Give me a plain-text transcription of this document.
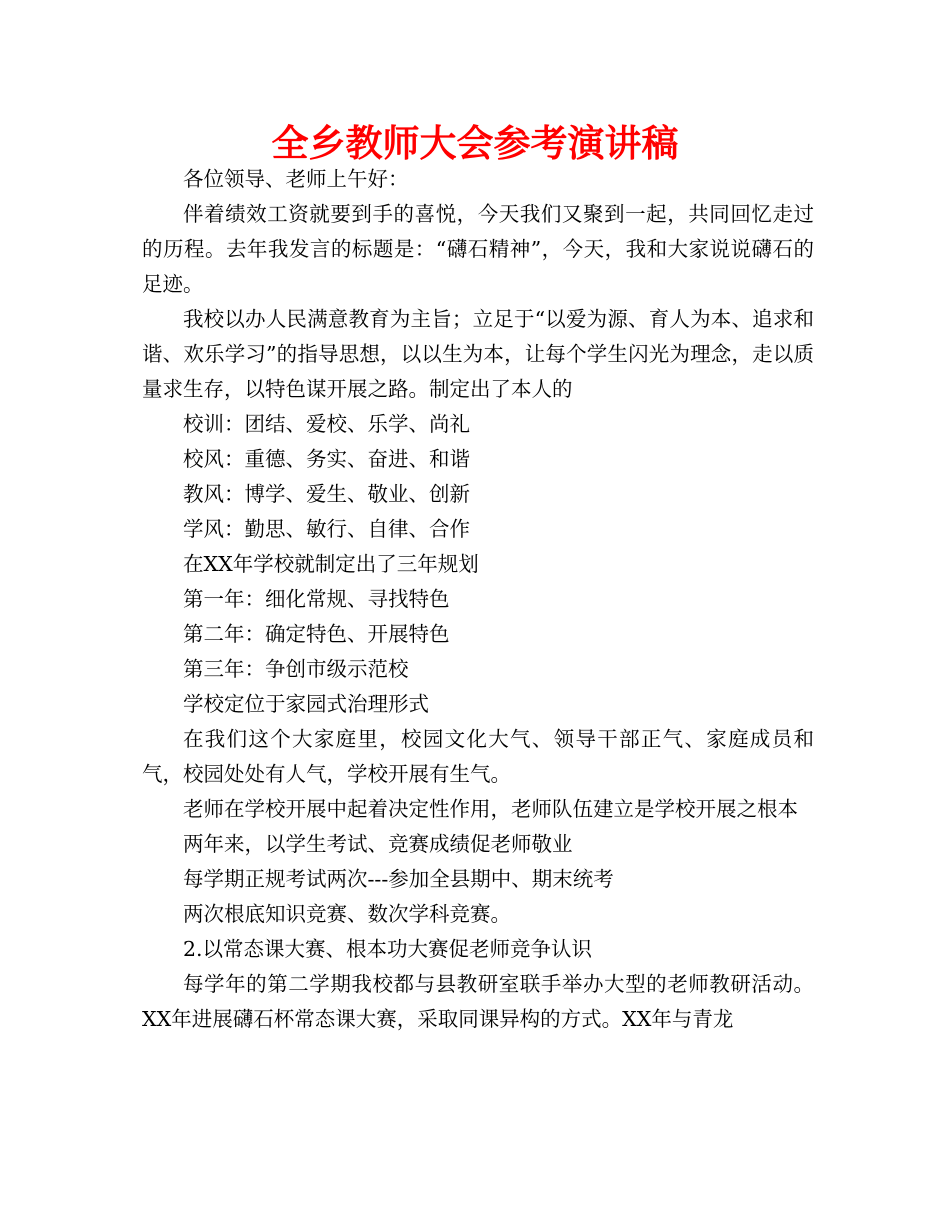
全乡教师大会参考演讲稿

各位领导、老师上午好：

伴着绩效工资就要到手的喜悦，今天我们又聚到一起，共同回忆走过的历程。去年我发言的标题是：“礴石精神”，今天，我和大家说说礴石的足迹。

我校以办人民满意教育为主旨；立足于“以爱为源、育人为本、追求和谐、欢乐学习”的指导思想，以以生为本，让每个学生闪光为理念，走以质量求生存，以特色谋开展之路。制定出了本人的

校训：团结、爱校、乐学、尚礼

校风：重德、务实、奋进、和谐

教风：博学、爱生、敬业、创新

学风：勤思、敏行、自律、合作

在XX年学校就制定出了三年规划

第一年：细化常规、寻找特色

第二年：确定特色、开展特色

第三年：争创市级示范校

学校定位于家园式治理形式

在我们这个大家庭里，校园文化大气、领导干部正气、家庭成员和气，校园处处有人气，学校开展有生气。

老师在学校开展中起着决定性作用，老师队伍建立是学校开展之根本

两年来，以学生考试、竞赛成绩促老师敬业

每学期正规考试两次---参加全县期中、期末统考

两次根底知识竞赛、数次学科竞赛。

2.以常态课大赛、根本功大赛促老师竞争认识

每学年的第二学期我校都与县教研室联手举办大型的老师教研活动。XX年进展礴石杯常态课大赛，采取同课异构的方式。XX年与青龙
